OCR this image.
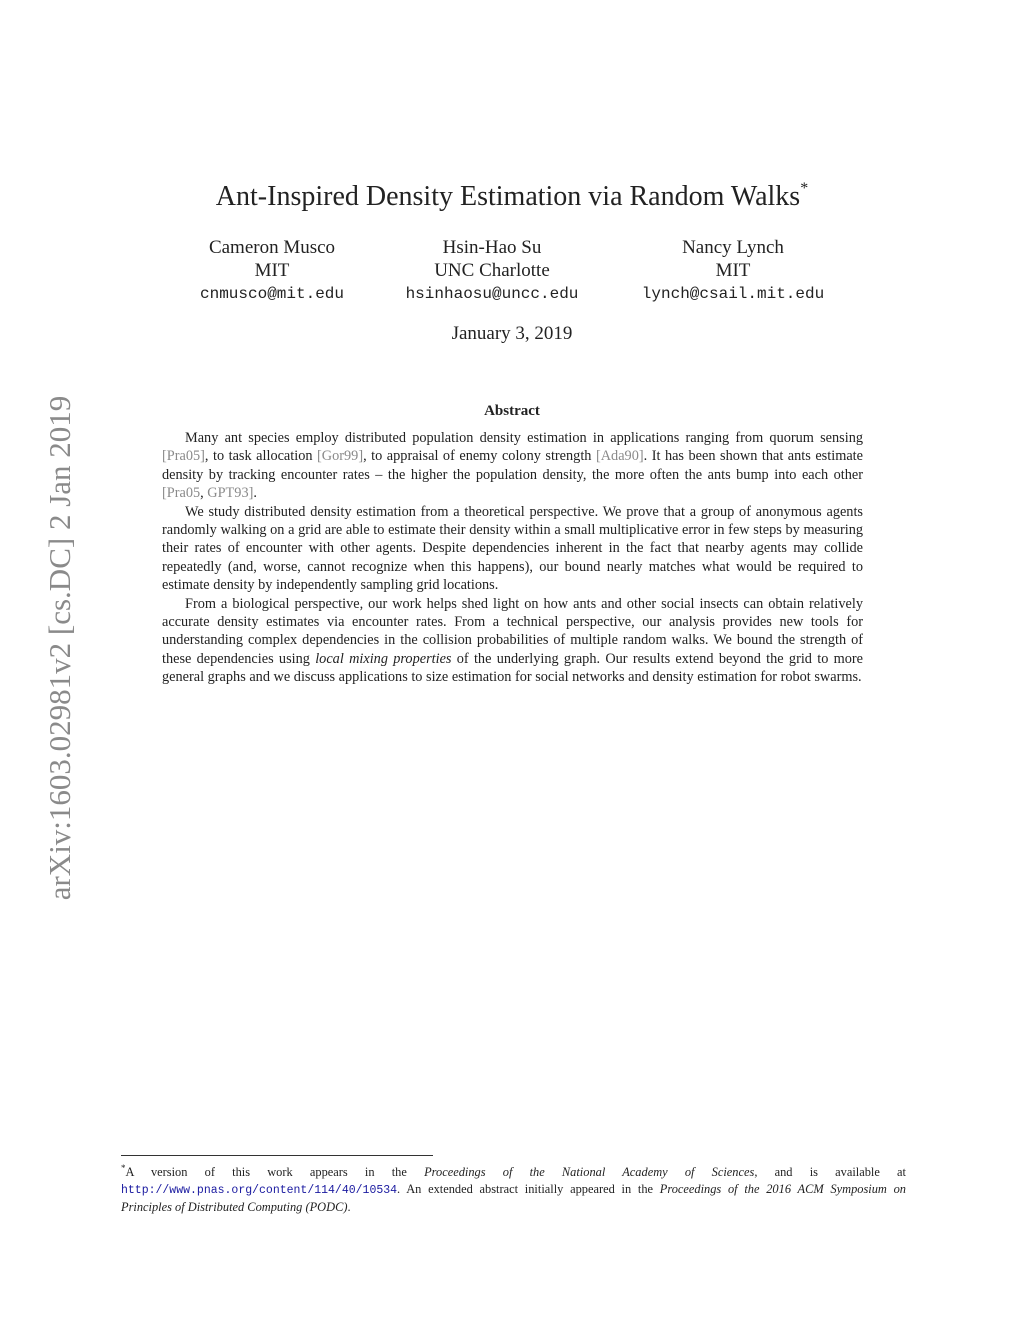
arXiv:1603.02981v2 [cs.DC] 2 Jan 2019
Ant-Inspired Density Estimation via Random Walks*
Cameron Musco
MIT
cnmusco@mit.edu
Hsin-Hao Su
UNC Charlotte
hsinhaosu@uncc.edu
Nancy Lynch
MIT
lynch@csail.mit.edu
January 3, 2019
Abstract

Many ant species employ distributed population density estimation in applications ranging from quorum sensing [Pra05], to task allocation [Gor99], to appraisal of enemy colony strength [Ada90]. It has been shown that ants estimate density by tracking encounter rates – the higher the population density, the more often the ants bump into each other [Pra05, GPT93].

We study distributed density estimation from a theoretical perspective. We prove that a group of anonymous agents randomly walking on a grid are able to estimate their density within a small multiplicative error in few steps by measuring their rates of encounter with other agents. Despite dependencies inherent in the fact that nearby agents may collide repeatedly (and, worse, cannot recognize when this happens), our bound nearly matches what would be required to estimate density by independently sampling grid locations.

From a biological perspective, our work helps shed light on how ants and other social insects can obtain relatively accurate density estimates via encounter rates. From a technical perspective, our analysis provides new tools for understanding complex dependencies in the collision probabilities of multiple random walks. We bound the strength of these dependencies using local mixing properties of the underlying graph. Our results extend beyond the grid to more general graphs and we discuss applications to size estimation for social networks and density estimation for robot swarms.

*A version of this work appears in the Proceedings of the National Academy of Sciences, and is available at http://www.pnas.org/content/114/40/10534. An extended abstract initially appeared in the Proceedings of the 2016 ACM Symposium on Principles of Distributed Computing (PODC).
